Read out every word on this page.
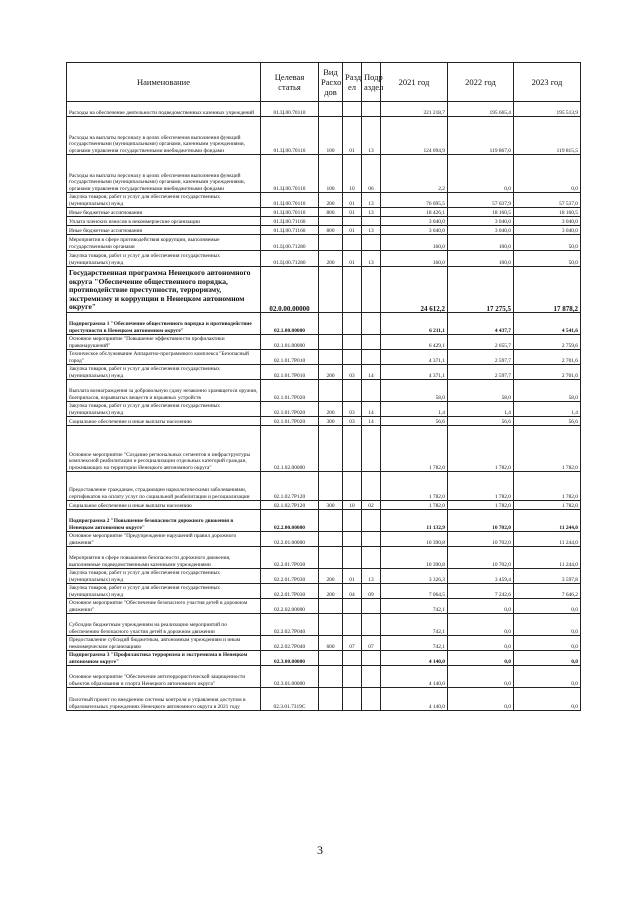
Наименование	Целевая статья	Вид Расхо дов	Разд ел	Подр аздел	2021 год	2022 год	2023 год
Расходы на обеспечение деятельности подведомственных казенных учреждений	01.Ц.00.70110				221 218,7	195 665,4	195 513,9
Расходы на выплаты персоналу в целях обеспечения выполнения функций государственными (муниципальными) органами, казенными учреждениями, органами управления государственными внебюджетными фондами	01.Ц.00.70110	100	01	13	124 094,9	119 867,0	119 815,5
Расходы на выплаты персоналу в целях обеспечения выполнения функций государственными (муниципальными) органами, казенными учреждениями, органами управления государственными внебюджетными фондами	01.Ц.00.70110	100	10	06	2,2	0,0	0,0
Закупка товаров, работ и услуг для обеспечения государственных (муниципальных) нужд	01.Ц.00.70110	200	01	13	76 695,5	57 637,9	57 537,0
Иные бюджетные ассигнования	01.Ц.00.70110	800	01	13	18 426,1	18 160,5	18 160,5
Уплата членских взносов в некоммерческие организации	01.Ц.00.71160				3 040,0	3 040,0	3 040,0
Иные бюджетные ассигнования	01.Ц.00.71160	800	01	13	3 040,0	3 040,0	3 040,0
Мероприятия в сфере противодействия коррупции, выполняемые государственными органами	01.Ц.00.71280				160,0	100,0	50,0
Закупка товаров, работ и услуг для обеспечения государственных (муниципальных) нужд	01.Ц.00.71280	200	01	13	160,0	100,0	50,0
Государственная программа Ненецкого автономного округа "Обеспечение общественного порядка, противодействие преступности, терроризму, экстремизму и коррупции в Ненецком автономном округе"	02.0.00.00000				24 612,2	17 275,5	17 878,2
Подпрограмма 1 "Обеспечение общественного порядка и противодействие преступности в Ненецком автономном округе"	02.1.00.00000				6 211,1	4 437,7	4 541,6
Основное мероприятие "Повышение эффективности профилактики правонарушений"	02.1.01.00000				6 429,1	2 655,7	2 759,6
Техническое обслуживание Аппаратно-программного комплекса "Безопасный город"	02.1.01.7Р010				4 371,1	2 597,7	2 701,6
Закупка товаров, работ и услуг для обеспечения государственных (муниципальных) нужд	02.1.01.7Р010	200	03	14	4 371,1	2 597,7	2 701,6
Выплата вознаграждения за добровольную сдачу незаконно хранящегося оружия, боеприпасов, взрывчатых веществ и взрывных устройств	02.1.01.7Р020				58,0	58,0	58,0
Закупка товаров, работ и услуг для обеспечения государственных (муниципальных) нужд	02.1.01.7Р020	200	03	14	1,4	1,4	1,4
Социальное обеспечение и иные выплаты населению	02.1.01.7Р020	300	03	14	56,6	56,6	56,6
Основное мероприятие "Создание региональных сегментов и инфраструктуры комплексной реабилитации и ресоциализации отдельных категорий граждан, проживающих на территории Ненецкого автономного округа"	02.1.02.00000				1 782,0	1 782,0	1 782,0
Предоставление гражданам, страдающим наркологическими заболеваниями, сертификатов на оплату услуг по социальной реабилитации и ресоциализации	02.1.02.7Р120				1 782,0	1 782,0	1 782,0
Социальное обеспечение и иные выплаты населению	02.1.02.7Р120	300	10	02	1 782,0	1 782,0	1 782,0
Подпрограмма 2 "Повышение безопасности дорожного движения в Ненецком автономном округе"	02.2.00.00000				11 132,9	10 702,0	11 244,0
Основное мероприятие "Предупреждение нарушений правил дорожного движения"	02.2.01.00000				10 390,8	10 702,0	11 244,0
Мероприятия в сфере повышения безопасности дорожного движения, выполняемые подведомственными казенными учреждениями	02.2.01.7Р030				10 390,8	10 702,0	11 244,0
Закупка товаров, работ и услуг для обеспечения государственных (муниципальных) нужд	02.2.01.7Р030	200	01	13	3 326,3	3 459,4	3 597,8
Закупка товаров, работ и услуг для обеспечения государственных (муниципальных) нужд	02.2.01.7Р030	200	04	09	7 064,5	7 242,6	7 646,2
Основное мероприятие "Обеспечение безопасного участия детей в дорожном движении"	02.2.02.00000				742,1	0,0	0,0
Субсидии бюджетным учреждениям на реализацию мероприятий по обеспечению безопасного участия детей в дорожном движении	02.2.02.7Р040				742,1	0,0	0,0
Предоставление субсидий бюджетным, автономным учреждениям и иным некоммерческим организациям	02.2.02.7Р040	600	07	07	742,1	0,0	0,0
Подпрограмма 3 "Профилактика терроризма и экстремизма в Ненецком автономном округе"	02.3.00.00000				4 140,0	0,0	0,0
Основное мероприятие "Обеспечение антитеррористической защищенности объектов образования и спорта Ненецкого автономного округа"	02.3.01.00000				4 140,0	0,0	0,0
Пилотный проект по внедрению системы контроля и управления доступом в образовательных учреждениях Ненецкого автономного округа в 2021 году	02.3.01.7319С				4 140,0	0,0	0,0
3
